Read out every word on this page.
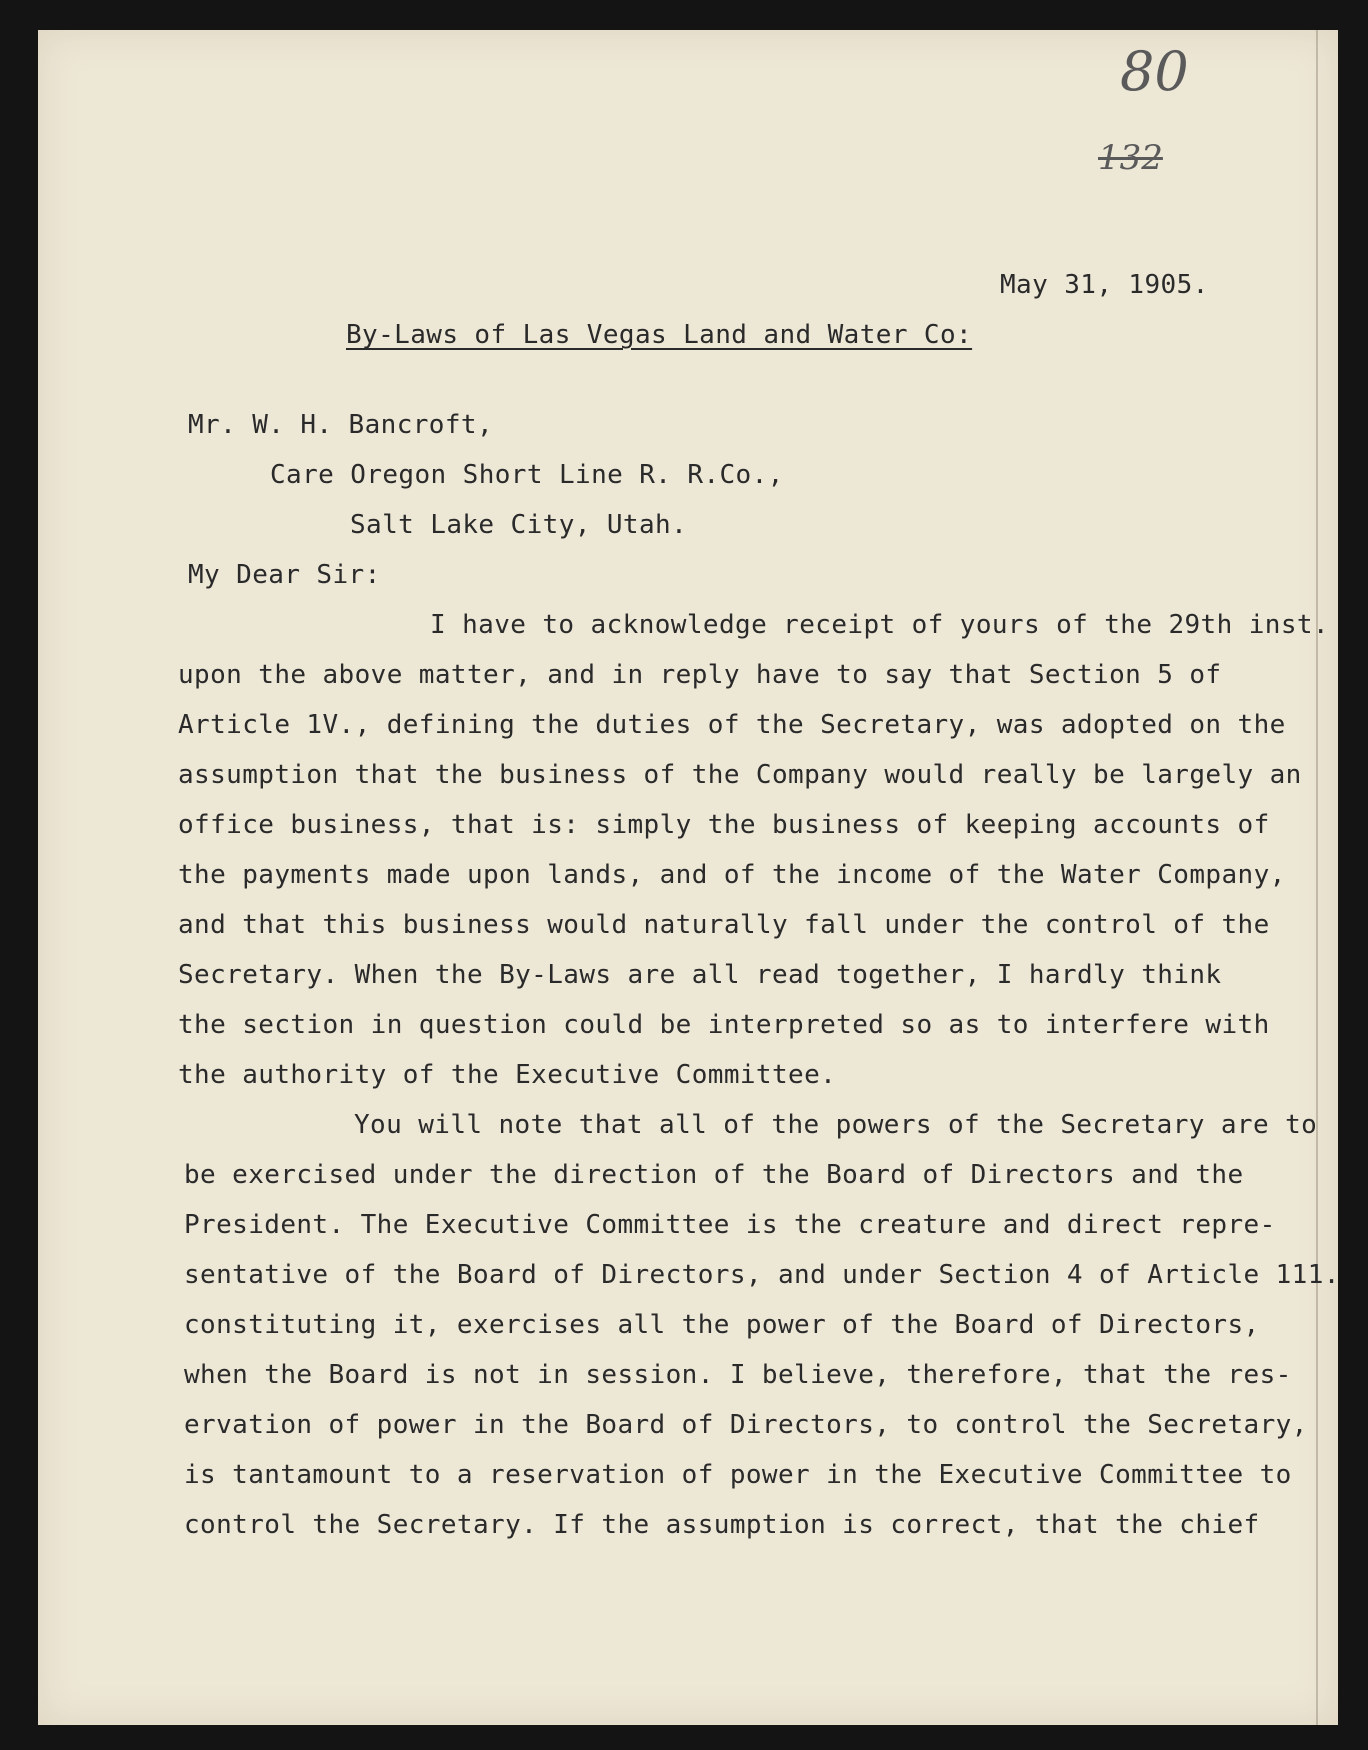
80
132
May 31, 1905.
By-Laws of Las Vegas Land and Water Co:
Mr. W. H. Bancroft,
Care Oregon Short Line R. R.Co.,
Salt Lake City, Utah.
My Dear Sir:
I have to acknowledge receipt of yours of the 29th inst.
upon the above matter, and in reply have to say that Section 5 of
Article 1V., defining the duties of the Secretary, was adopted on the
assumption that the business of the Company would really be largely an
office business, that is: simply the business of keeping accounts of
the payments made upon lands, and of the income of the Water Company,
and that this business would naturally fall under the control of the
Secretary. When the By-Laws are all read together, I hardly think
the section in question could be interpreted so as to interfere with
the authority of the Executive Committee.
You will note that all of the powers of the Secretary are to
be exercised under the direction of the Board of Directors and the
President. The Executive Committee is the creature and direct repre-
sentative of the Board of Directors, and under Section 4 of Article 111.
constituting it, exercises all the power of the Board of Directors,
when the Board is not in session. I believe, therefore, that the res-
ervation of power in the Board of Directors, to control the Secretary,
is tantamount to a reservation of power in the Executive Committee to
control the Secretary. If the assumption is correct, that the chief
